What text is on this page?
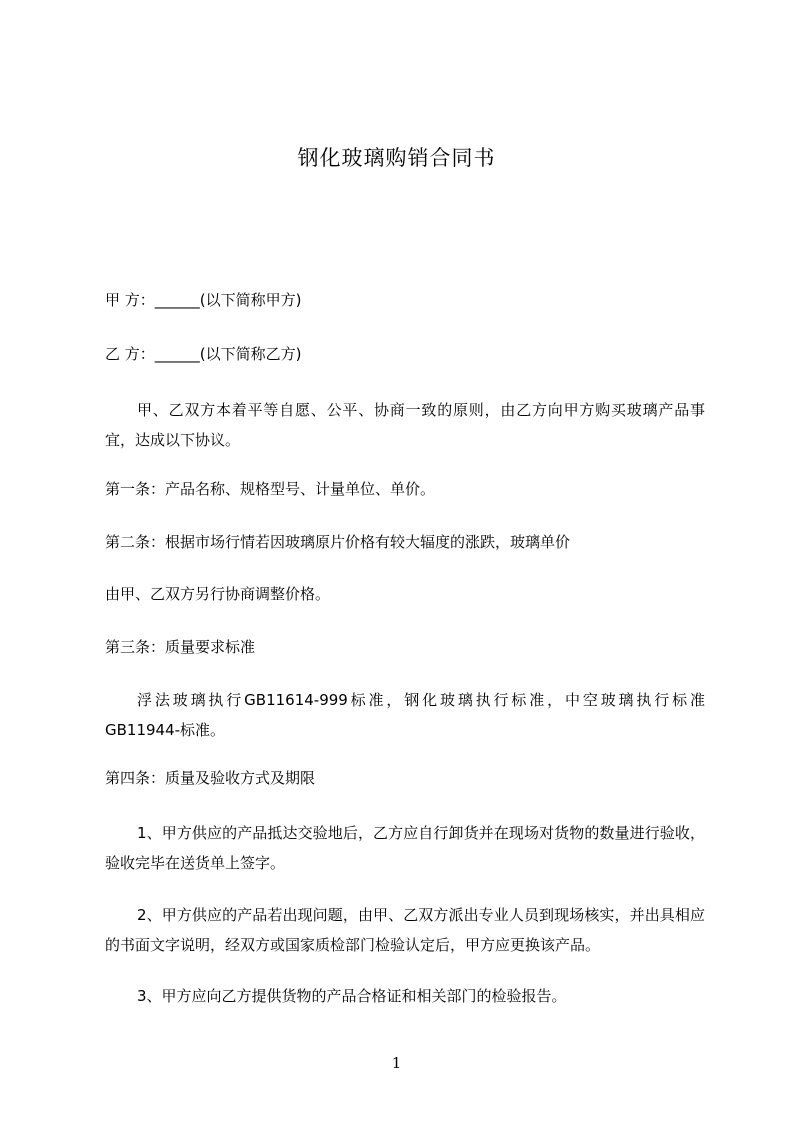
钢化玻璃购销合同书
甲 方：______(以下简称甲方)
乙 方：______(以下简称乙方)
甲、乙双方本着平等自愿、公平、协商一致的原则，由乙方向甲方购买玻璃产品事宜，达成以下协议。
第一条：产品名称、规格型号、计量单位、单价。
第二条：根据市场行情若因玻璃原片价格有较大辐度的涨跌，玻璃单价
由甲、乙双方另行协商调整价格。
第三条：质量要求标准
浮法玻璃执行GB11614-999标准，钢化玻璃执行标准，中空玻璃执行标准GB11944-标准。
第四条：质量及验收方式及期限
1、甲方供应的产品抵达交验地后，乙方应自行卸货并在现场对货物的数量进行验收，验收完毕在送货单上签字。
2、甲方供应的产品若出现问题，由甲、乙双方派出专业人员到现场核实，并出具相应的书面文字说明，经双方或国家质检部门检验认定后，甲方应更换该产品。
3、甲方应向乙方提供货物的产品合格证和相关部门的检验报告。
1
